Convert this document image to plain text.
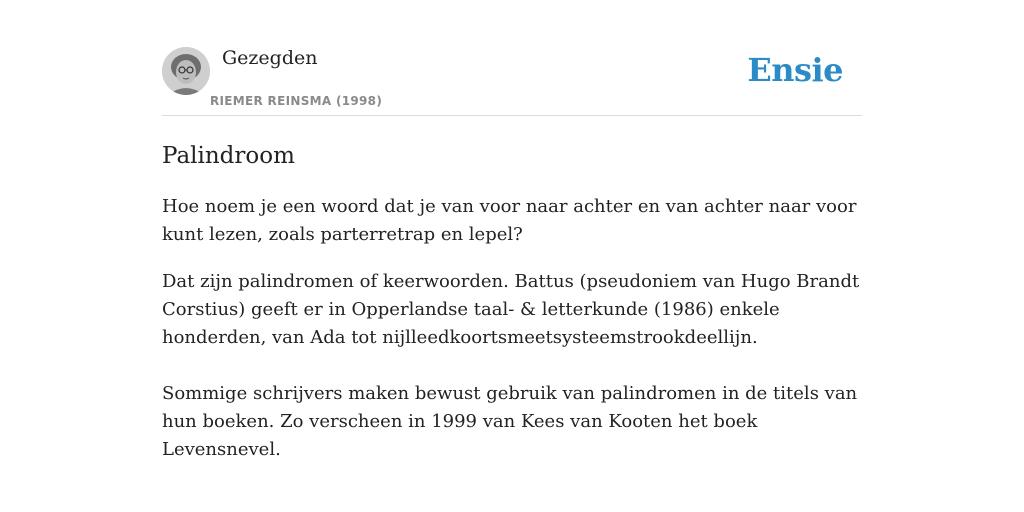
Gezegden
RIEMER REINSMA (1998)
Ensie
Palindroom

Hoe noem je een woord dat je van voor naar achter en van achter naar voor kunt lezen, zoals parterretrap en lepel?

Dat zijn palindromen of keerwoorden. Battus (pseudoniem van Hugo Brandt Corstius) geeft er in Opperlandse taal- & letterkunde (1986) enkele honderden, van Ada tot nijlleedkoortsmeetsysteemstrookdeellijn.

Sommige schrijvers maken bewust gebruik van palindromen in de titels van hun boeken. Zo verscheen in 1999 van Kees van Kooten het boek Levensnevel.
